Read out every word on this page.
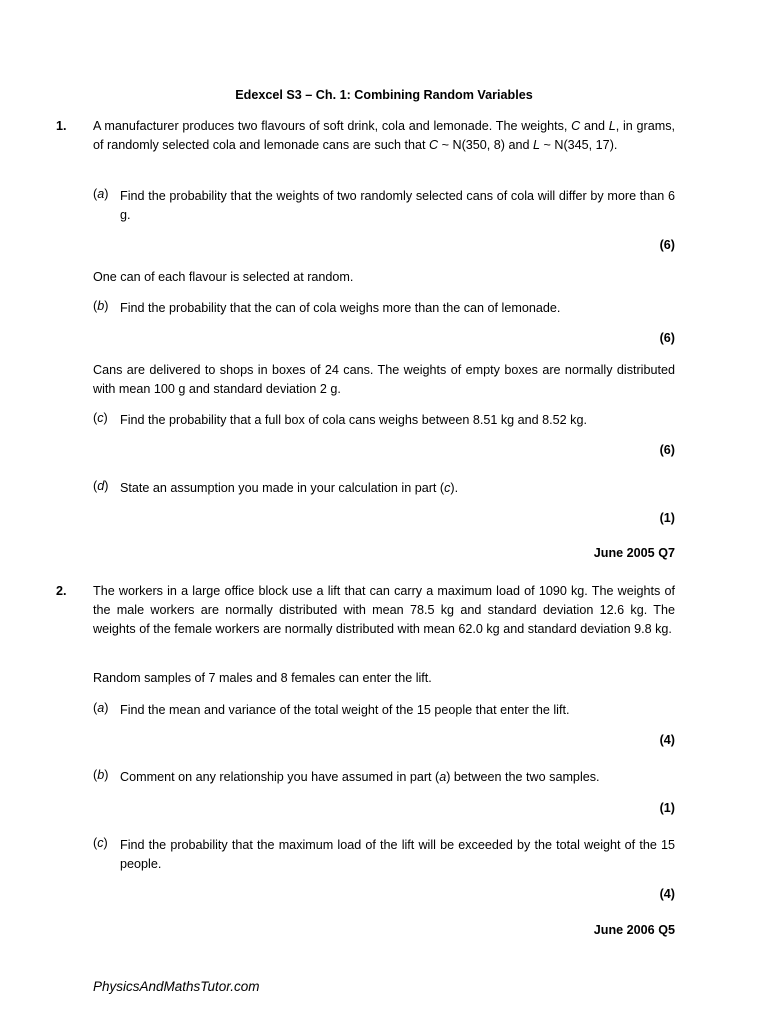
Edexcel S3 – Ch. 1: Combining Random Variables
1. A manufacturer produces two flavours of soft drink, cola and lemonade. The weights, C and L, in grams, of randomly selected cola and lemonade cans are such that C ~ N(350, 8) and L ~ N(345, 17).
(a) Find the probability that the weights of two randomly selected cans of cola will differ by more than 6 g.
(6)
One can of each flavour is selected at random.
(b) Find the probability that the can of cola weighs more than the can of lemonade.
(6)
Cans are delivered to shops in boxes of 24 cans. The weights of empty boxes are normally distributed with mean 100 g and standard deviation 2 g.
(c) Find the probability that a full box of cola cans weighs between 8.51 kg and 8.52 kg.
(6)
(d) State an assumption you made in your calculation in part (c).
(1)
June 2005 Q7
2. The workers in a large office block use a lift that can carry a maximum load of 1090 kg. The weights of the male workers are normally distributed with mean 78.5 kg and standard deviation 12.6 kg. The weights of the female workers are normally distributed with mean 62.0 kg and standard deviation 9.8 kg.
Random samples of 7 males and 8 females can enter the lift.
(a) Find the mean and variance of the total weight of the 15 people that enter the lift.
(4)
(b) Comment on any relationship you have assumed in part (a) between the two samples.
(1)
(c) Find the probability that the maximum load of the lift will be exceeded by the total weight of the 15 people.
(4)
June 2006 Q5
PhysicsAndMathsTutor.com
